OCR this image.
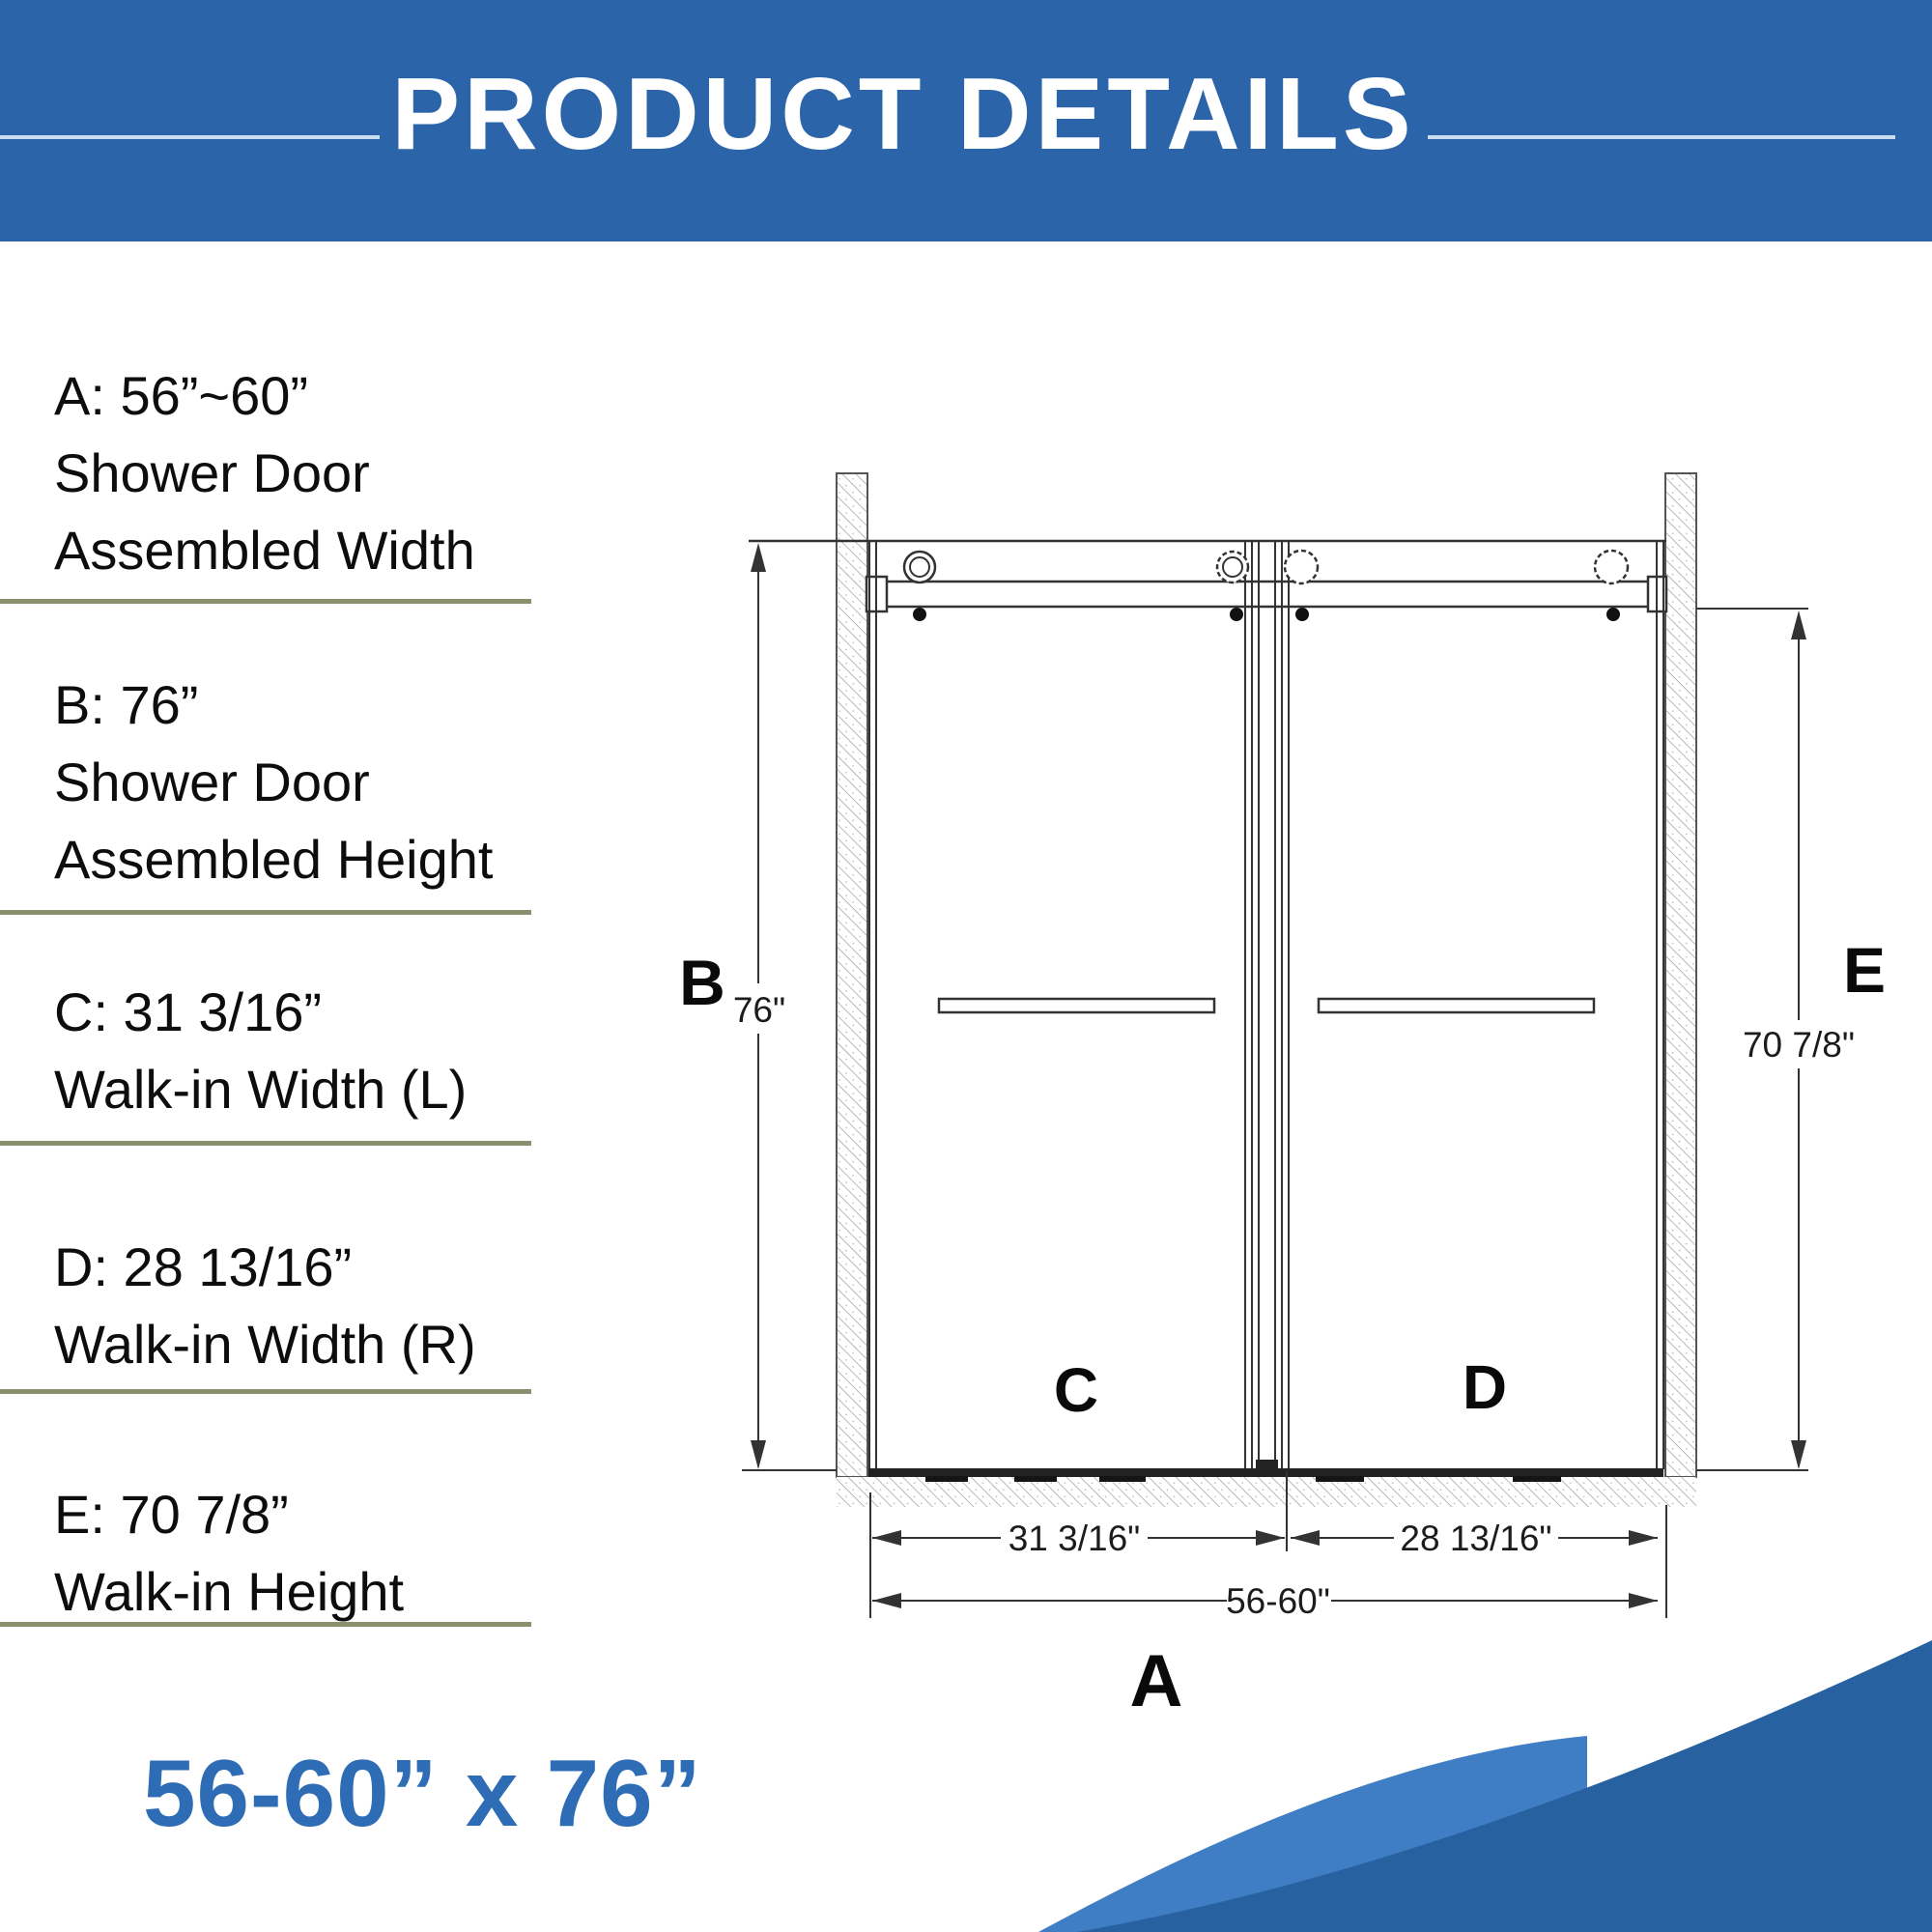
PRODUCT DETAILS
A: 56”~60”
Shower Door
Assembled Width
B: 76”
Shower Door
Assembled Height
C: 31 3/16”
Walk-in Width (L)
D: 28 13/16”
Walk-in Width (R)
E: 70 7/8”
Walk-in Height
56-60” x 76”
76"
70 7/8"
31 3/16"	28 13/16"
56-60"
B	E
C	D
A
